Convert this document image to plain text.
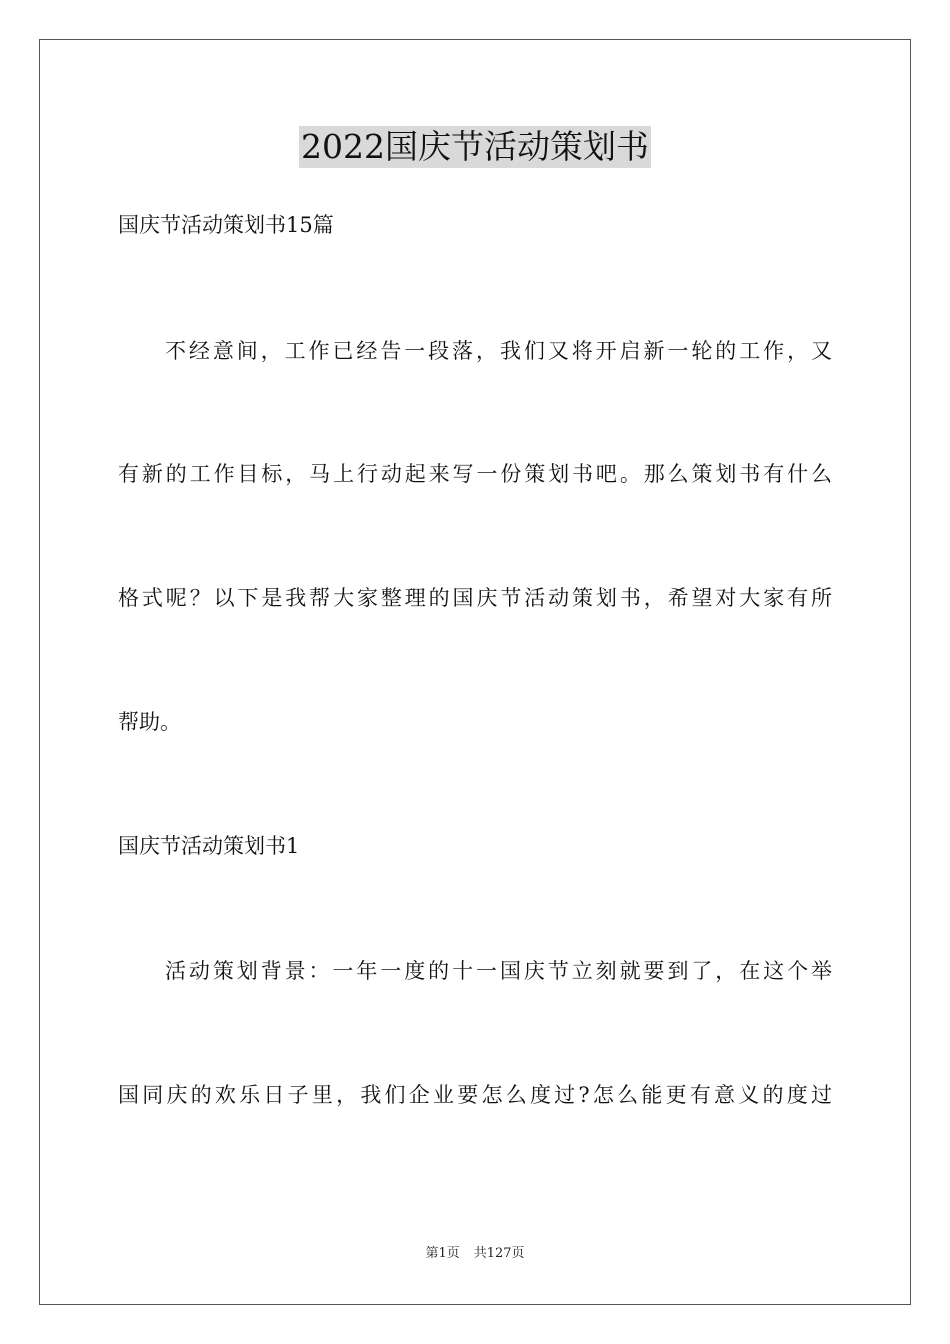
2022国庆节活动策划书
国庆节活动策划书15篇
不经意间，工作已经告一段落，我们又将开启新一轮的工作，又
有新的工作目标，马上行动起来写一份策划书吧。那么策划书有什么
格式呢？以下是我帮大家整理的国庆节活动策划书，希望对大家有所
帮助。
国庆节活动策划书1
活动策划背景：一年一度的十一国庆节立刻就要到了，在这个举
国同庆的欢乐日子里，我们企业要怎么度过?怎么能更有意义的度过
第1页 共127页
